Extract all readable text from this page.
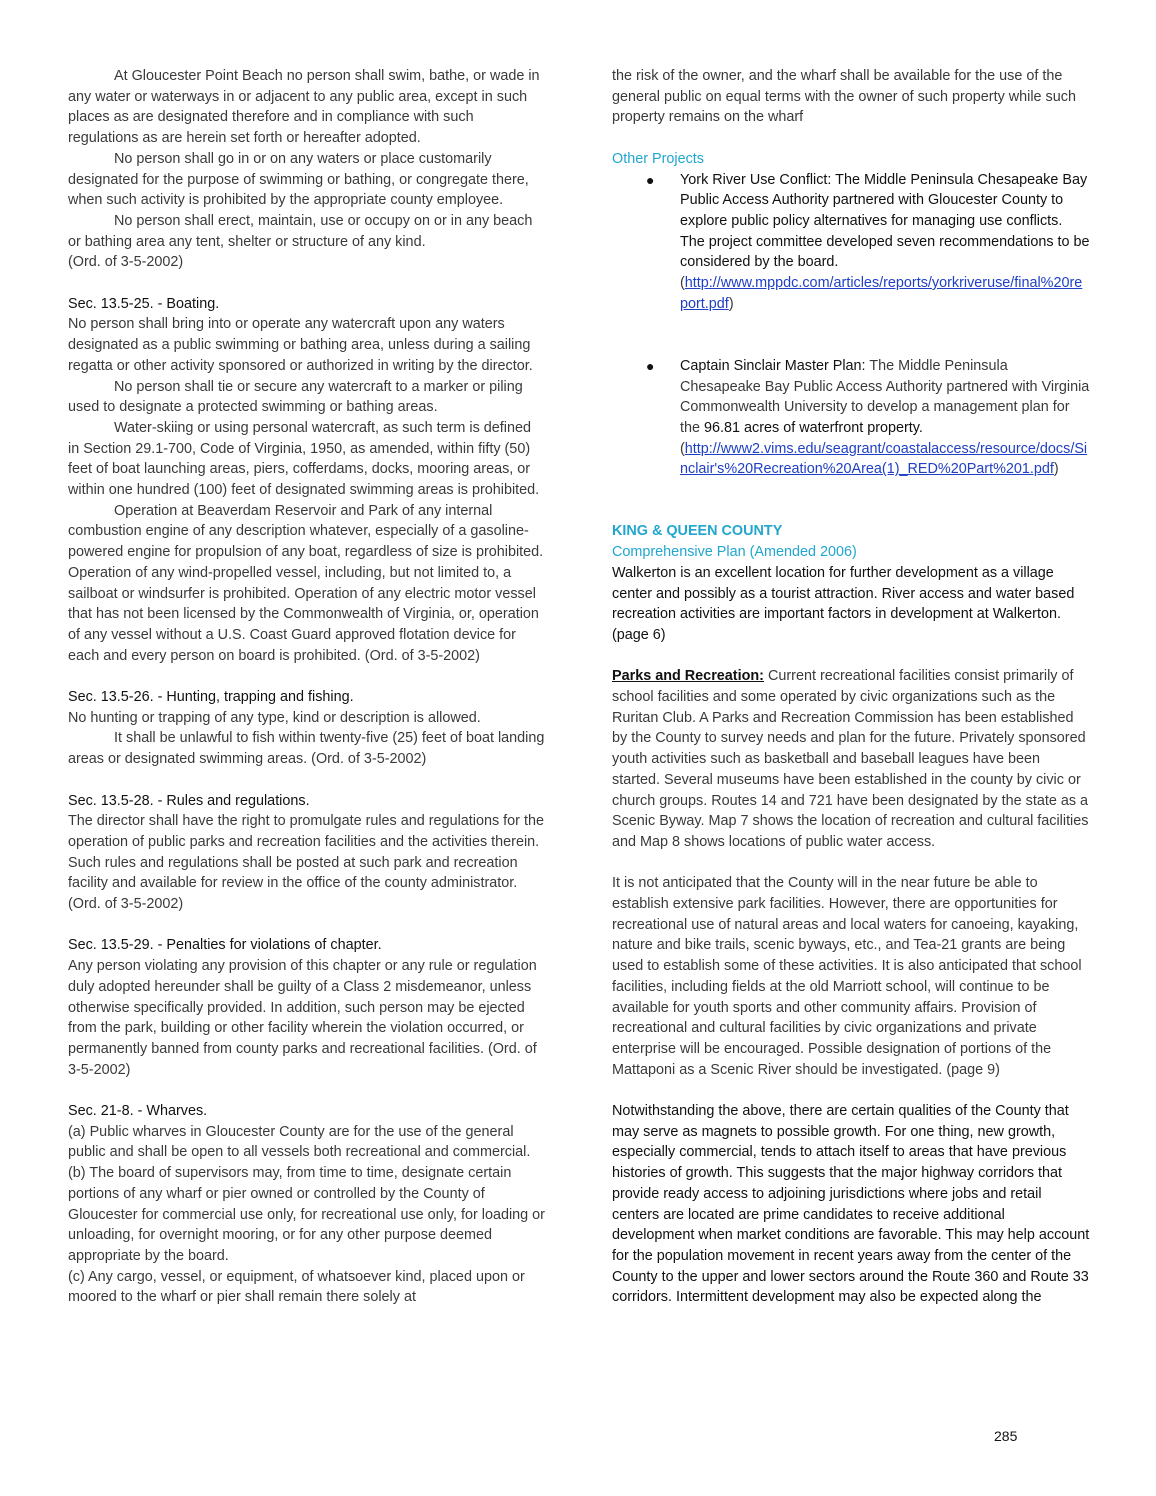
At Gloucester Point Beach no person shall swim, bathe, or wade in any water or waterways in or adjacent to any public area, except in such places as are designated therefore and in compliance with such regulations as are herein set forth or hereafter adopted.

No person shall go in or on any waters or place customarily designated for the purpose of swimming or bathing, or congregate there, when such activity is prohibited by the appropriate county employee.

No person shall erect, maintain, use or occupy on or in any beach or bathing area any tent, shelter or structure of any kind.

(Ord. of 3-5-2002)

Sec. 13.5-25. - Boating.

No person shall bring into or operate any watercraft upon any waters designated as a public swimming or bathing area, unless during a sailing regatta or other activity sponsored or authorized in writing by the director.

No person shall tie or secure any watercraft to a marker or piling used to designate a protected swimming or bathing areas.

Water-skiing or using personal watercraft, as such term is defined in Section 29.1-700, Code of Virginia, 1950, as amended, within fifty (50) feet of boat launching areas, piers, cofferdams, docks, mooring areas, or within one hundred (100) feet of designated swimming areas is prohibited.

Operation at Beaverdam Reservoir and Park of any internal combustion engine of any description whatever, especially of a gasoline-powered engine for propulsion of any boat, regardless of size is prohibited. Operation of any wind-propelled vessel, including, but not limited to, a sailboat or windsurfer is prohibited. Operation of any electric motor vessel that has not been licensed by the Commonwealth of Virginia, or, operation of any vessel without a U.S. Coast Guard approved flotation device for each and every person on board is prohibited. (Ord. of 3-5-2002)

Sec. 13.5-26. - Hunting, trapping and fishing.

No hunting or trapping of any type, kind or description is allowed.

It shall be unlawful to fish within twenty-five (25) feet of boat landing areas or designated swimming areas. (Ord. of 3-5-2002)

Sec. 13.5-28. - Rules and regulations.

The director shall have the right to promulgate rules and regulations for the operation of public parks and recreation facilities and the activities therein. Such rules and regulations shall be posted at such park and recreation facility and available for review in the office of the county administrator. (Ord. of 3-5-2002)

Sec. 13.5-29. - Penalties for violations of chapter.

Any person violating any provision of this chapter or any rule or regulation duly adopted hereunder shall be guilty of a Class 2 misdemeanor, unless otherwise specifically provided. In addition, such person may be ejected from the park, building or other facility wherein the violation occurred, or permanently banned from county parks and recreational facilities. (Ord. of 3-5-2002)

Sec. 21-8. - Wharves.

(a) Public wharves in Gloucester County are for the use of the general public and shall be open to all vessels both recreational and commercial.

(b) The board of supervisors may, from time to time, designate certain portions of any wharf or pier owned or controlled by the County of Gloucester for commercial use only, for recreational use only, for loading or unloading, for overnight mooring, or for any other purpose deemed appropriate by the board.

(c) Any cargo, vessel, or equipment, of whatsoever kind, placed upon or moored to the wharf or pier shall remain there solely at

the risk of the owner, and the wharf shall be available for the use of the general public on equal terms with the owner of such property while such property remains on the wharf

Other Projects

● York River Use Conflict: The Middle Peninsula Chesapeake Bay Public Access Authority partnered with Gloucester County to explore public policy alternatives for managing use conflicts. The project committee developed seven recommendations to be considered by the board.
(http://www.mppdc.com/articles/reports/yorkriveruse/final%20report.pdf)
● Captain Sinclair Master Plan: The Middle Peninsula Chesapeake Bay Public Access Authority partnered with Virginia Commonwealth University to develop a management plan for the 96.81 acres of waterfront property.
(http://www2.vims.edu/seagrant/coastalaccess/resource/docs/Sinclair's%20Recreation%20Area(1)_RED%20Part%201.pdf)

KING & QUEEN COUNTY

Comprehensive Plan (Amended 2006)

Walkerton is an excellent location for further development as a village center and possibly as a tourist attraction. River access and water based recreation activities are important factors in development at Walkerton. (page 6)

Parks and Recreation: Current recreational facilities consist primarily of school facilities and some operated by civic organizations such as the Ruritan Club. A Parks and Recreation Commission has been established by the County to survey needs and plan for the future. Privately sponsored youth activities such as basketball and baseball leagues have been started. Several museums have been established in the county by civic or church groups. Routes 14 and 721 have been designated by the state as a Scenic Byway. Map 7 shows the location of recreation and cultural facilities and Map 8 shows locations of public water access.

It is not anticipated that the County will in the near future be able to establish extensive park facilities. However, there are opportunities for recreational use of natural areas and local waters for canoeing, kayaking, nature and bike trails, scenic byways, etc., and Tea-21 grants are being used to establish some of these activities. It is also anticipated that school facilities, including fields at the old Marriott school, will continue to be available for youth sports and other community affairs. Provision of recreational and cultural facilities by civic organizations and private enterprise will be encouraged. Possible designation of portions of the Mattaponi as a Scenic River should be investigated. (page 9)

Notwithstanding the above, there are certain qualities of the County that may serve as magnets to possible growth. For one thing, new growth, especially commercial, tends to attach itself to areas that have previous histories of growth. This suggests that the major highway corridors that provide ready access to adjoining jurisdictions where jobs and retail centers are located are prime candidates to receive additional development when market conditions are favorable. This may help account for the population movement in recent years away from the center of the County to the upper and lower sectors around the Route 360 and Route 33 corridors. Intermittent development may also be expected along the

285
